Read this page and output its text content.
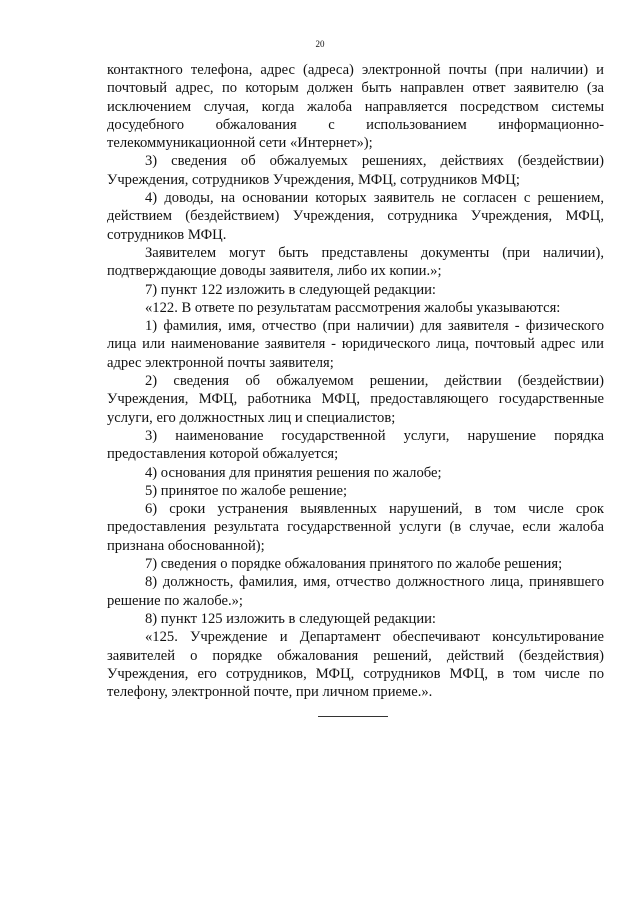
20

контактного телефона, адрес (адреса) электронной почты (при наличии) и почтовый адрес, по которым должен быть направлен ответ заявителю (за исключением случая, когда жалоба направляется посредством системы досудебного обжалования с использованием информационно-телекоммуникационной сети «Интернет»);

3) сведения об обжалуемых решениях, действиях (бездействии) Учреждения, сотрудников Учреждения, МФЦ, сотрудников МФЦ;

4) доводы, на основании которых заявитель не согласен с решением, действием (бездействием) Учреждения, сотрудника Учреждения, МФЦ, сотрудников МФЦ.

Заявителем могут быть представлены документы (при наличии), подтверждающие доводы заявителя, либо их копии.»;

7) пункт 122 изложить в следующей редакции:

«122. В ответе по результатам рассмотрения жалобы указываются:

1) фамилия, имя, отчество (при наличии) для заявителя - физического лица или наименование заявителя - юридического лица, почтовый адрес или адрес электронной почты заявителя;

2) сведения об обжалуемом решении, действии (бездействии) Учреждения, МФЦ, работника МФЦ, предоставляющего государственные услуги, его должностных лиц и специалистов;

3) наименование государственной услуги, нарушение порядка предоставления которой обжалуется;

4) основания для принятия решения по жалобе;

5) принятое по жалобе решение;

6) сроки устранения выявленных нарушений, в том числе срок предоставления результата государственной услуги (в случае, если жалоба признана обоснованной);

7) сведения о порядке обжалования принятого по жалобе решения;

8) должность, фамилия, имя, отчество должностного лица, принявшего решение по жалобе.»;

8) пункт 125 изложить в следующей редакции:

«125. Учреждение и Департамент обеспечивают консультирование заявителей о порядке обжалования решений, действий (бездействия) Учреждения, его сотрудников, МФЦ, сотрудников МФЦ, в том числе по телефону, электронной почте, при личном приеме.».
